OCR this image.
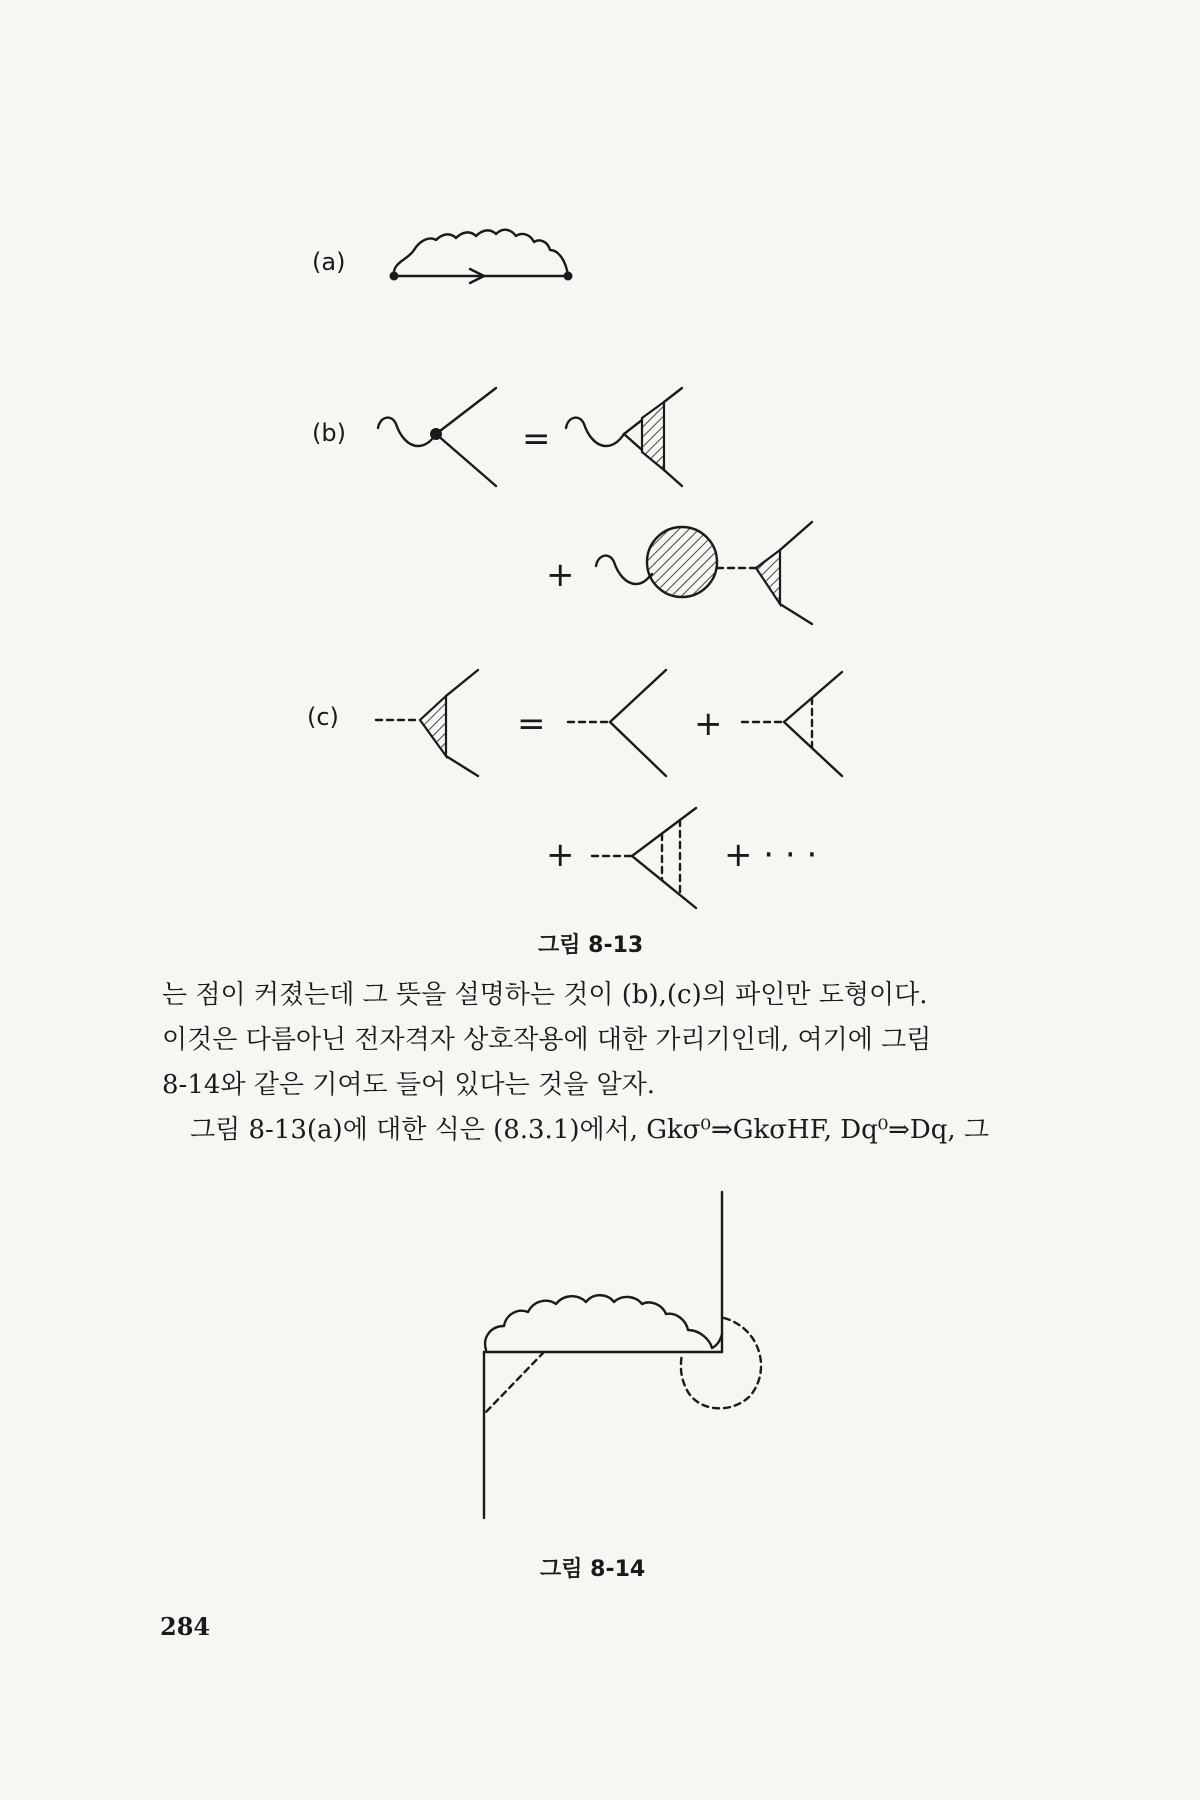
(a)
(b)	=
+
(c)	=	+
+	+ · · ·
그림 8-13

는 점이 커졌는데 그 뜻을 설명하는 것이 (b),(c)의 파인만 도형이다.

이것은 다름아닌 전자격자 상호작용에 대한 가리기인데, 여기에 그림

8-14와 같은 기여도 들어 있다는 것을 알자.

그림 8-13(a)에 대한 식은 (8.3.1)에서, Gkσ⁰⇒GkσHF, Dq⁰⇒Dq, 그

그림 8-14
284
